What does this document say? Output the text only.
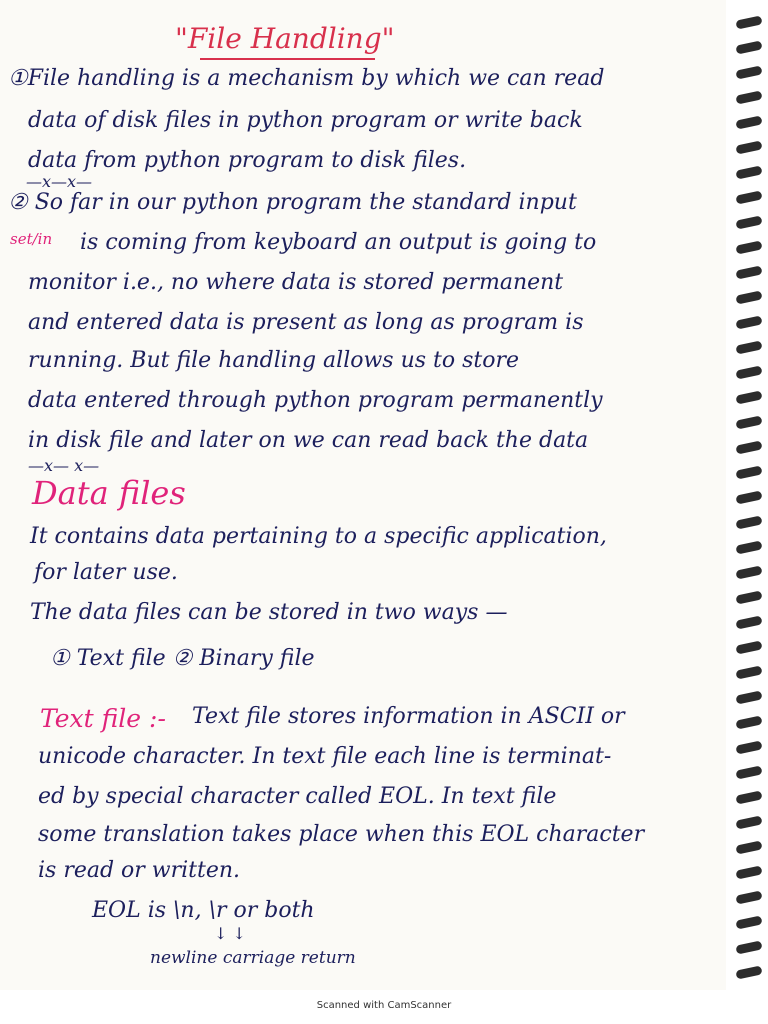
"File Handling"
①File handling is a mechanism by which we can read
data of disk files in python program or write back
data from python program to disk files.
—x—x—
② So far in our python program the standard input
set/in is coming from keyboard an output is going to
monitor i.e., no where data is stored permanent
and entered data is present as long as program is
running. But file handling allows us to store
data entered through python program permanently
in disk file and later on we can read back the data
—x— x—
Data files
It contains data pertaining to a specific application,
for later use.
The data files can be stored in two ways —
① Text file ② Binary file
Text file :- Text file stores information in ASCII or
unicode character. In text file each line is terminat-
ed by special character called EOL. In text file
some translation takes place when this EOL character
is read or written.
EOL is \n, \r or both
↓ ↓
newline carriage return
Scanned with CamScanner
